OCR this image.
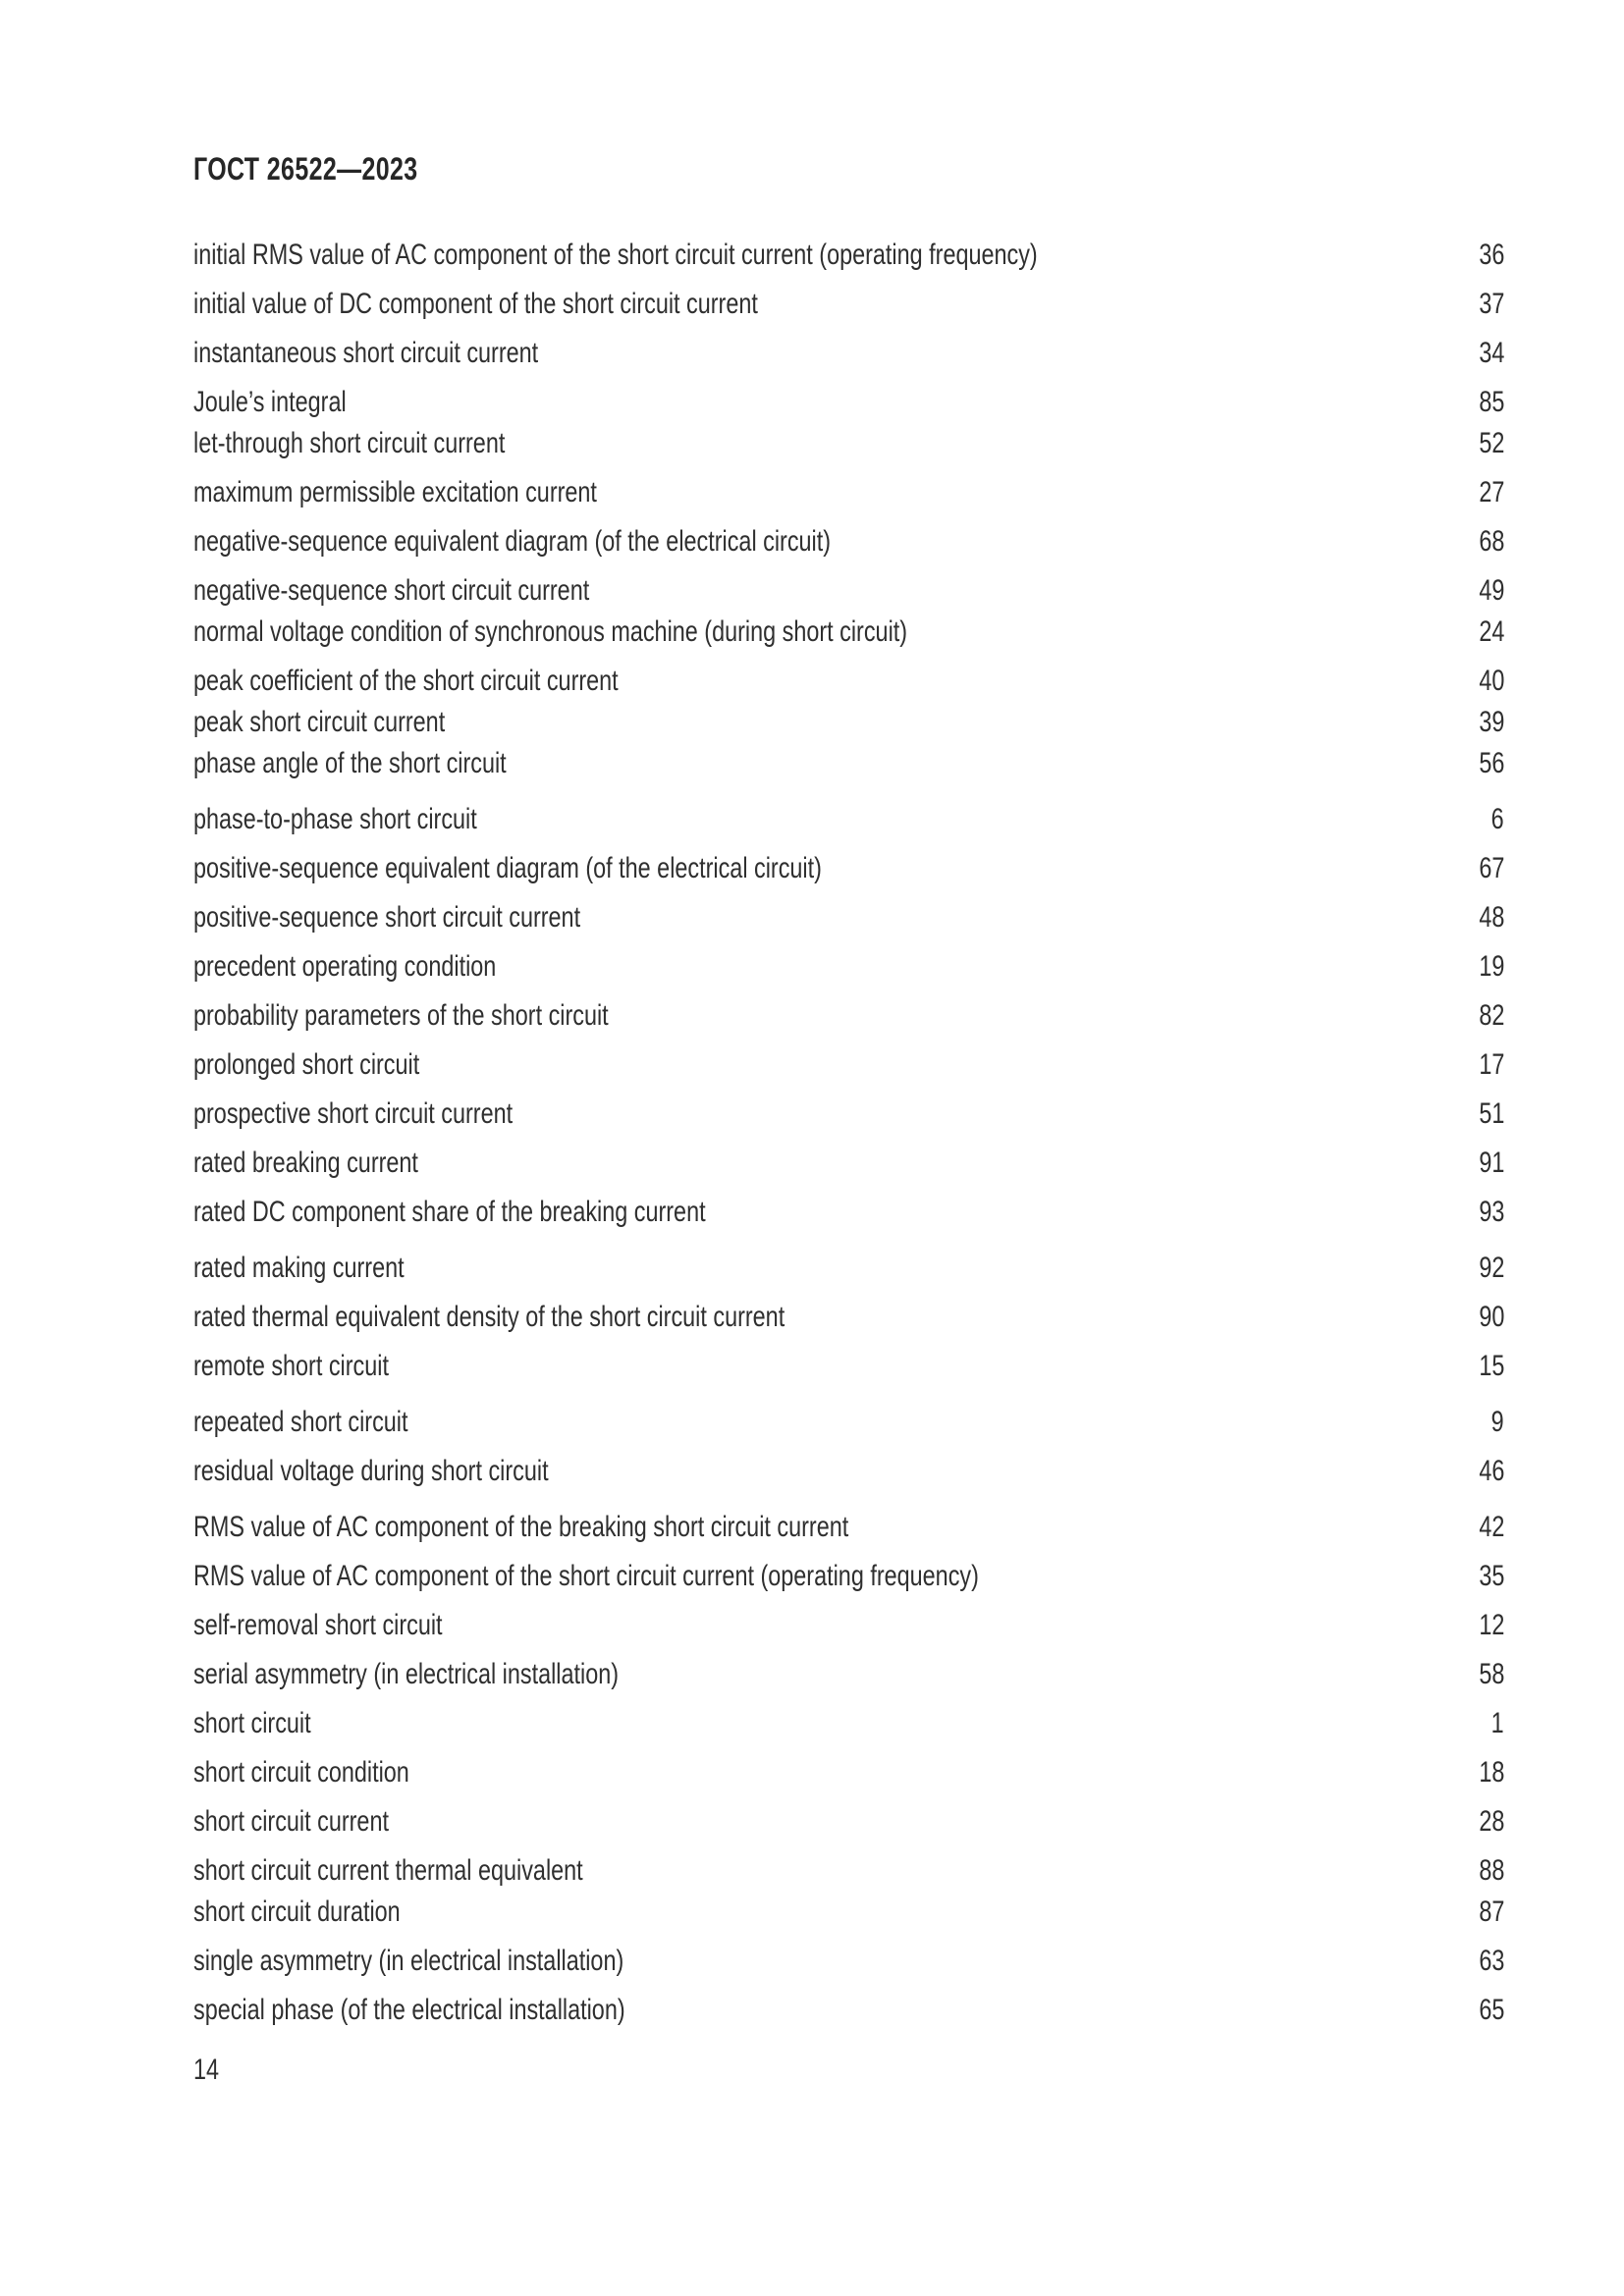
ГОСТ 26522—2023
initial RMS value of AC component of the short circuit current (operating frequency)	36
initial value of DC component of the short circuit current	37
instantaneous short circuit current	34
Joule’s integral	85
let-through short circuit current	52
maximum permissible excitation current	27
negative-sequence equivalent diagram (of the electrical circuit)	68
negative-sequence short circuit current	49
normal voltage condition of synchronous machine (during short circuit)	24
peak coefficient of the short circuit current	40
peak short circuit current	39
phase angle of the short circuit	56
phase-to-phase short circuit	6
positive-sequence equivalent diagram (of the electrical circuit)	67
positive-sequence short circuit current	48
precedent operating condition	19
probability parameters of the short circuit	82
prolonged short circuit	17
prospective short circuit current	51
rated breaking current	91
rated DC component share of the breaking current	93
rated making current	92
rated thermal equivalent density of the short circuit current	90
remote short circuit	15
repeated short circuit	9
residual voltage during short circuit	46
RMS value of AC component of the breaking short circuit current	42
RMS value of AC component of the short circuit current (operating frequency)	35
self-removal short circuit	12
serial asymmetry (in electrical installation)	58
short circuit	1
short circuit condition	18
short circuit current	28
short circuit current thermal equivalent	88
short circuit duration	87
single asymmetry (in electrical installation)	63
special phase (of the electrical installation)	65
14
